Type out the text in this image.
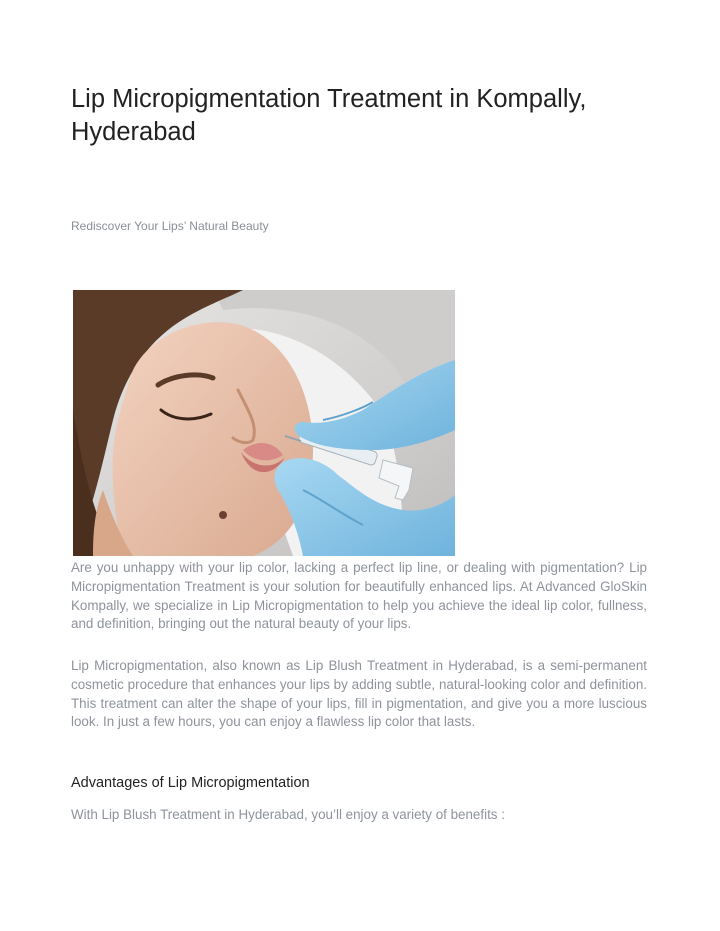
Lip Micropigmentation Treatment in Kompally, Hyderabad

Rediscover Your Lips’ Natural Beauty

Are you unhappy with your lip color, lacking a perfect lip line, or dealing with pigmentation? Lip Micropigmentation Treatment is your solution for beautifully enhanced lips. At Advanced GloSkin Kompally, we specialize in Lip Micropigmentation to help you achieve the ideal lip color, fullness, and definition, bringing out the natural beauty of your lips.

Lip Micropigmentation, also known as Lip Blush Treatment in Hyderabad, is a semi-permanent cosmetic procedure that enhances your lips by adding subtle, natural-looking color and definition. This treatment can alter the shape of your lips, fill in pigmentation, and give you a more luscious look. In just a few hours, you can enjoy a flawless lip color that lasts.

Advantages of Lip Micropigmentation

With Lip Blush Treatment in Hyderabad, you’ll enjoy a variety of benefits :
